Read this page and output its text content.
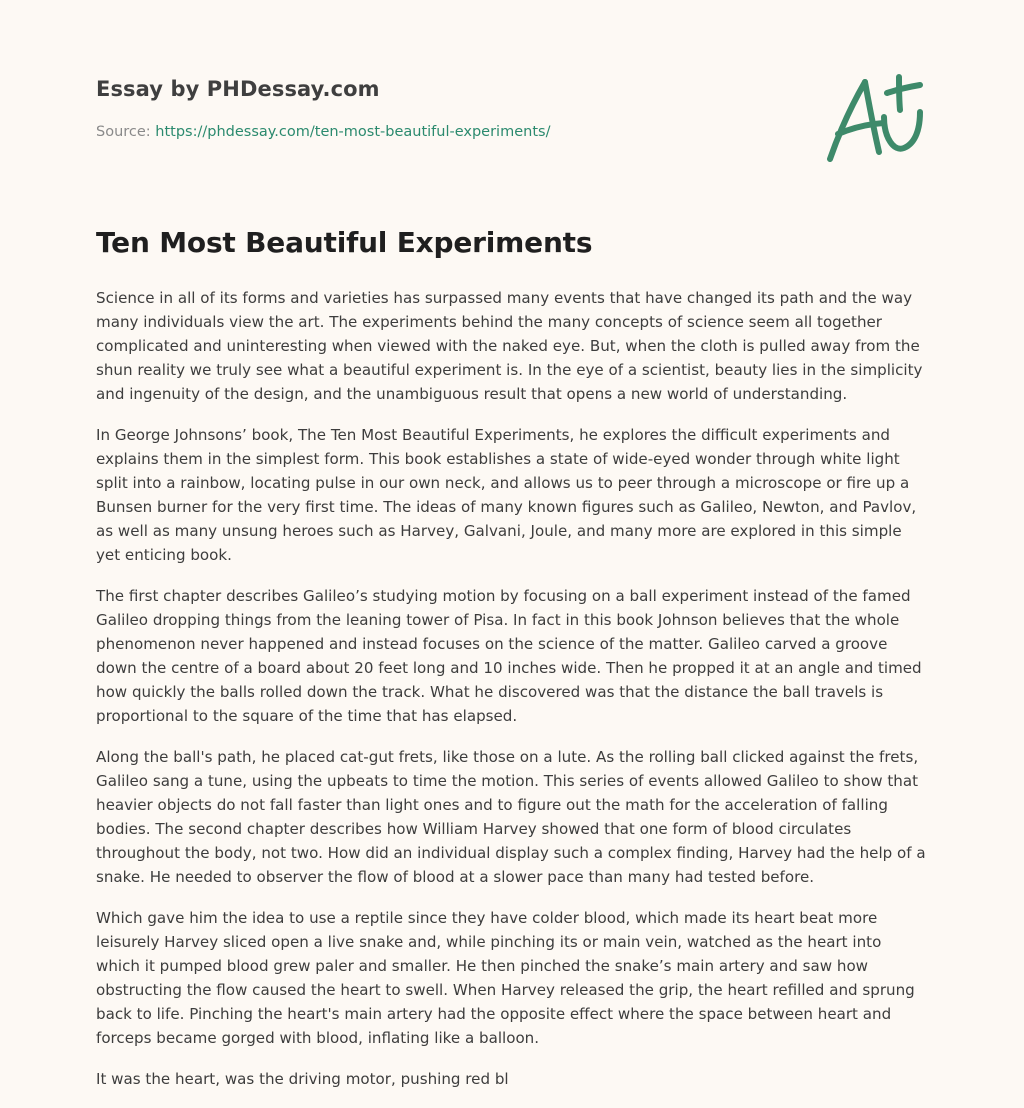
Essay by PHDessay.com
Source: https://phdessay.com/ten-most-beautiful-experiments/
Ten Most Beautiful Experiments

Science in all of its forms and varieties has surpassed many events that have changed its path and the way many individuals view the art. The experiments behind the many concepts of science seem all together complicated and uninteresting when viewed with the naked eye. But, when the cloth is pulled away from the shun reality we truly see what a beautiful experiment is. In the eye of a scientist, beauty lies in the simplicity and ingenuity of the design, and the unambiguous result that opens a new world of understanding.

In George Johnsons’ book, The Ten Most Beautiful Experiments, he explores the difficult experiments and explains them in the simplest form. This book establishes a state of wide-eyed wonder through white light split into a rainbow, locating pulse in our own neck, and allows us to peer through a microscope or fire up a Bunsen burner for the very first time. The ideas of many known figures such as Galileo, Newton, and Pavlov, as well as many unsung heroes such as Harvey, Galvani, Joule, and many more are explored in this simple yet enticing book.

The first chapter describes Galileo’s studying motion by focusing on a ball experiment instead of the famed Galileo dropping things from the leaning tower of Pisa. In fact in this book Johnson believes that the whole phenomenon never happened and instead focuses on the science of the matter. Galileo carved a groove down the centre of a board about 20 feet long and 10 inches wide. Then he propped it at an angle and timed how quickly the balls rolled down the track. What he discovered was that the distance the ball travels is proportional to the square of the time that has elapsed.

Along the ball's path, he placed cat-gut frets, like those on a lute. As the rolling ball clicked against the frets, Galileo sang a tune, using the upbeats to time the motion. This series of events allowed Galileo to show that heavier objects do not fall faster than light ones and to figure out the math for the acceleration of falling bodies. The second chapter describes how William Harvey showed that one form of blood circulates throughout the body, not two. How did an individual display such a complex finding, Harvey had the help of a snake. He needed to observer the flow of blood at a slower pace than many had tested before.

Which gave him the idea to use a reptile since they have colder blood, which made its heart beat more leisurely Harvey sliced open a live snake and, while pinching its or main vein, watched as the heart into which it pumped blood grew paler and smaller. He then pinched the snake’s main artery and saw how obstructing the flow caused the heart to swell. When Harvey released the grip, the heart refilled and sprung back to life. Pinching the heart's main artery had the opposite effect where the space between heart and forceps became gorged with blood, inflating like a balloon.

It was the heart, was the driving motor, pushing red bl
